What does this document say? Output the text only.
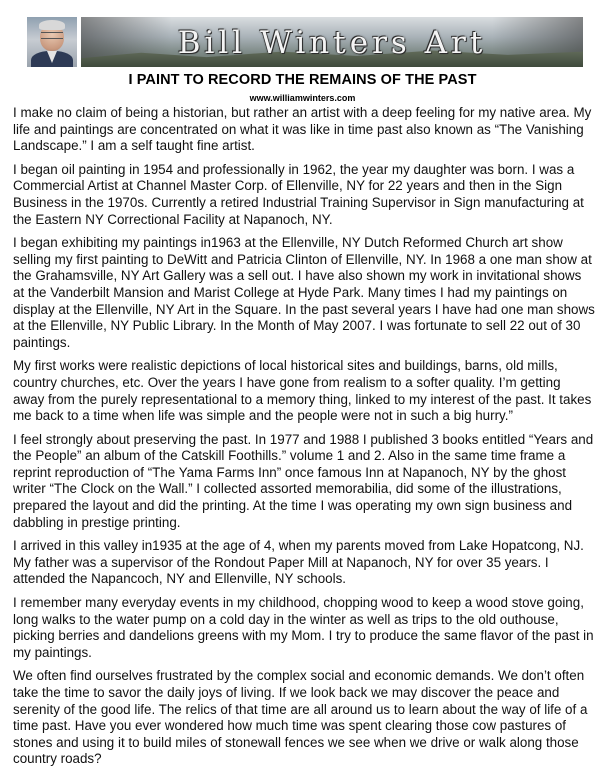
Bill Winters Art
I PAINT TO RECORD THE REMAINS OF THE PAST
www.williamwinters.com

I make no claim of being a historian, but rather an artist with a deep feeling for my native area. My life and paintings are concentrated on what it was like in time past also known as “The Vanishing Landscape.” I am a self taught fine artist.

I began oil painting in 1954 and professionally in 1962, the year my daughter was born. I was a Commercial Artist at Channel Master Corp. of Ellenville, NY for 22 years and then in the Sign Business in the 1970s. Currently a retired Industrial Training Supervisor in Sign manufacturing at the Eastern NY Correctional Facility at Napanoch, NY.

I began exhibiting my paintings in1963 at the Ellenville, NY Dutch Reformed Church art show selling my first painting to DeWitt and Patricia Clinton of Ellenville, NY. In 1968 a one man show at the Grahamsville, NY Art Gallery was a sell out. I have also shown my work in invitational shows at the Vanderbilt Mansion and Marist College at Hyde Park. Many times I had my paintings on display at the Ellenville, NY Art in the Square. In the past several years I have had one man shows at the Ellenville, NY Public Library. In the Month of May 2007. I was fortunate to sell 22 out of 30 paintings.

My first works were realistic depictions of local historical sites and buildings, barns, old mills, country churches, etc. Over the years I have gone from realism to a softer quality. I’m getting away from the purely representational to a memory thing, linked to my interest of the past. It takes me back to a time when life was simple and the people were not in such a big hurry.”

I feel strongly about preserving the past. In 1977 and 1988 I published 3 books entitled “Years and the People” an album of the Catskill Foothills.” volume 1 and 2. Also in the same time frame a reprint reproduction of “The Yama Farms Inn” once famous Inn at Napanoch, NY by the ghost writer “The Clock on the Wall.” I collected assorted memorabilia, did some of the illustrations, prepared the layout and did the printing. At the time I was operating my own sign business and dabbling in prestige printing.

I arrived in this valley in1935 at the age of 4, when my parents moved from Lake Hopatcong, NJ. My father was a supervisor of the Rondout Paper Mill at Napanoch, NY for over 35 years. I attended the Napancoch, NY and Ellenville, NY schools.

I remember many everyday events in my childhood, chopping wood to keep a wood stove going, long walks to the water pump on a cold day in the winter as well as trips to the old outhouse, picking berries and dandelions greens with my Mom. I try to produce the same flavor of the past in my paintings.

We often find ourselves frustrated by the complex social and economic demands. We don’t often take the time to savor the daily joys of living. If we look back we may discover the peace and serenity of the good life. The relics of that time are all around us to learn about the way of life of a time past. Have you ever wondered how much time was spent clearing those cow pastures of stones and using it to build miles of stonewall fences we see when we drive or walk along those country roads?
